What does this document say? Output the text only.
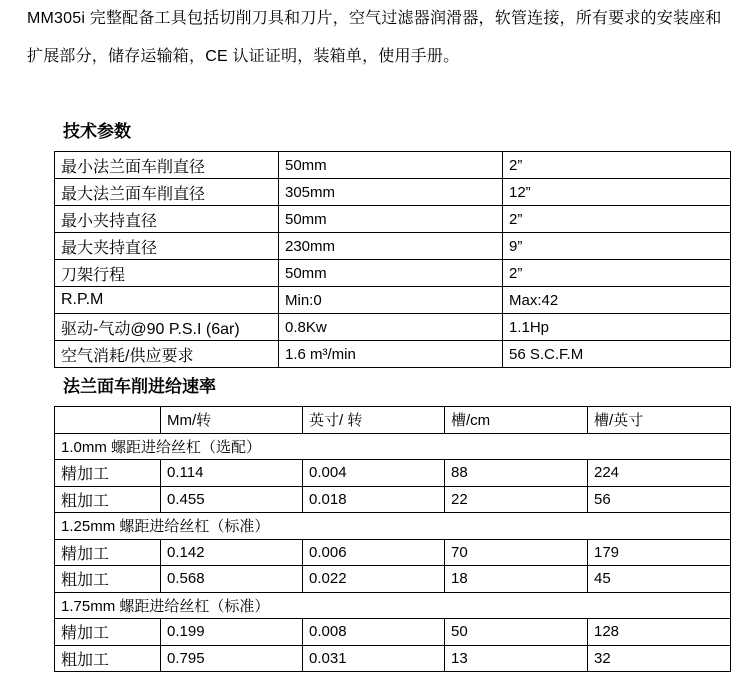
MM305i 完整配备工具包括切削刀具和刀片，空气过滤器润滑器，软管连接，所有要求的安装座和扩展部分，储存运输箱，CE 认证证明，装箱单，使用手册。
技术参数
最小法兰面车削直径	50mm	2”
最大法兰面车削直径	305mm	12”
最小夹持直径	50mm	2”
最大夹持直径	230mm	9”
刀架行程	50mm	2”
R.P.M	Min:0	Max:42
驱动-气动@90 P.S.I (6ar)	0.8Kw	1.1Hp
空气消耗/供应要求	1.6 m³/min	56 S.C.F.M
法兰面车削进给速率
	Mm/转	英寸/ 转	槽/cm	槽/英寸
1.0mm 螺距进给丝杠（选配）				
精加工	0.114	0.004	88	224
粗加工	0.455	0.018	22	56
1.25mm 螺距进给丝杠（标准）				
精加工	0.142	0.006	70	179
粗加工	0.568	0.022	18	45
1.75mm 螺距进给丝杠（标准）				
精加工	0.199	0.008	50	128
粗加工	0.795	0.031	13	32
